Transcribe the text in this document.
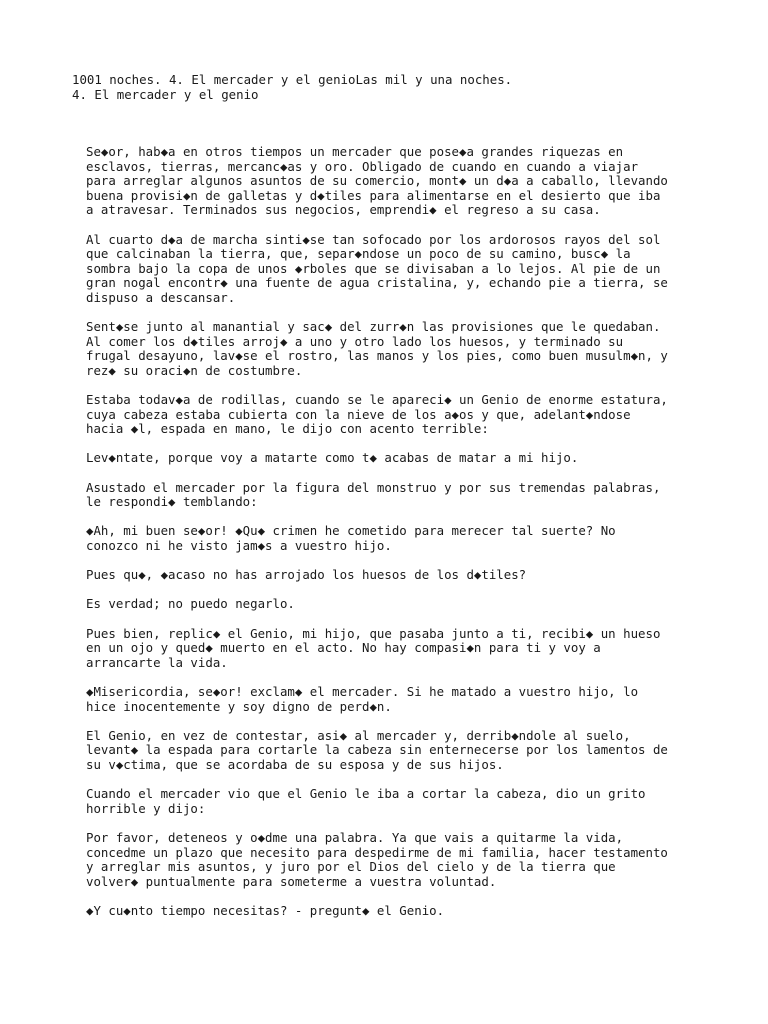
1001 noches. 4. El mercader y el genioLas mil y una noches.
4. El mercader y el genio
Se◆or, hab◆a en otros tiempos un mercader que pose◆a grandes riquezas en
esclavos, tierras, mercanc◆as y oro. Obligado de cuando en cuando a viajar
para arreglar algunos asuntos de su comercio, mont◆ un d◆a a caballo, llevando
buena provisi◆n de galletas y d◆tiles para alimentarse en el desierto que iba
a atravesar. Terminados sus negocios, emprendi◆ el regreso a su casa.
Al cuarto d◆a de marcha sinti◆se tan sofocado por los ardorosos rayos del sol
que calcinaban la tierra, que, separ◆ndose un poco de su camino, busc◆ la
sombra bajo la copa de unos ◆rboles que se divisaban a lo lejos. Al pie de un
gran nogal encontr◆ una fuente de agua cristalina, y, echando pie a tierra, se
dispuso a descansar.
Sent◆se junto al manantial y sac◆ del zurr◆n las provisiones que le quedaban.
Al comer los d◆tiles arroj◆ a uno y otro lado los huesos, y terminado su
frugal desayuno, lav◆se el rostro, las manos y los pies, como buen musulm◆n, y
rez◆ su oraci◆n de costumbre.
Estaba todav◆a de rodillas, cuando se le apareci◆ un Genio de enorme estatura,
cuya cabeza estaba cubierta con la nieve de los a◆os y que, adelant◆ndose
hacia ◆l, espada en mano, le dijo con acento terrible:
Lev◆ntate, porque voy a matarte como t◆ acabas de matar a mi hijo.
Asustado el mercader por la figura del monstruo y por sus tremendas palabras,
le respondi◆ temblando:
◆Ah, mi buen se◆or! ◆Qu◆ crimen he cometido para merecer tal suerte? No
conozco ni he visto jam◆s a vuestro hijo.
Pues qu◆, ◆acaso no has arrojado los huesos de los d◆tiles?
Es verdad; no puedo negarlo.
Pues bien, replic◆ el Genio, mi hijo, que pasaba junto a ti, recibi◆ un hueso
en un ojo y qued◆ muerto en el acto. No hay compasi◆n para ti y voy a
arrancarte la vida.
◆Misericordia, se◆or! exclam◆ el mercader. Si he matado a vuestro hijo, lo
hice inocentemente y soy digno de perd◆n.
El Genio, en vez de contestar, asi◆ al mercader y, derrib◆ndole al suelo,
levant◆ la espada para cortarle la cabeza sin enternecerse por los lamentos de
su v◆ctima, que se acordaba de su esposa y de sus hijos.
Cuando el mercader vio que el Genio le iba a cortar la cabeza, dio un grito
horrible y dijo:
Por favor, deteneos y o◆dme una palabra. Ya que vais a quitarme la vida,
concedme un plazo que necesito para despedirme de mi familia, hacer testamento
y arreglar mis asuntos, y juro por el Dios del cielo y de la tierra que
volver◆ puntualmente para someterme a vuestra voluntad.
◆Y cu◆nto tiempo necesitas? - pregunt◆ el Genio.
